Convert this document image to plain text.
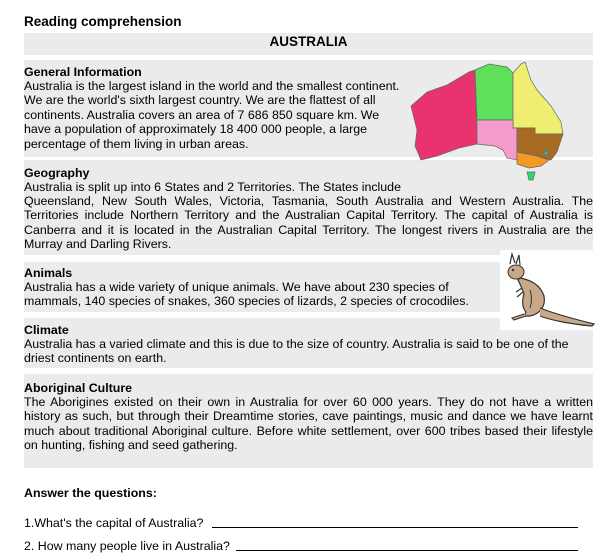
Reading comprehension
AUSTRALIA
General Information
Australia is the largest island in the world and the smallest continent.
We are the world's sixth largest country. We are the flattest of all
continents. Australia covers an area of 7 686 850 square km. We
have a population of approximately 18 400 000 people, a large
percentage of them living in urban areas.
Geography
Australia is split up into 6 States and 2 Territories. The States include
Queensland, New South Wales, Victoria, Tasmania, South Australia and Western Australia. The Territories include Northern Territory and the Australian Capital Territory. The capital of Australia is Canberra and it is located in the Australian Capital Territory. The longest rivers in Australia are the Murray and Darling Rivers.
Animals
Australia has a wide variety of unique animals. We have about 230 species of
mammals, 140 species of snakes, 360 species of lizards, 2 species of crocodiles.
Climate
Australia has a varied climate and this is due to the size of country. Australia is said to be one of the driest continents on earth.
Aboriginal Culture
The Aborigines existed on their own in Australia for over 60 000 years. They do not have a written history as such, but through their Dreamtime stories, cave paintings, music and dance we have learnt much about traditional Aboriginal culture. Before white settlement, over 600 tribes based their lifestyle on hunting, fishing and seed gathering.
Answer the questions:
1.What's the capital of Australia?
2. How many people live in Australia?
